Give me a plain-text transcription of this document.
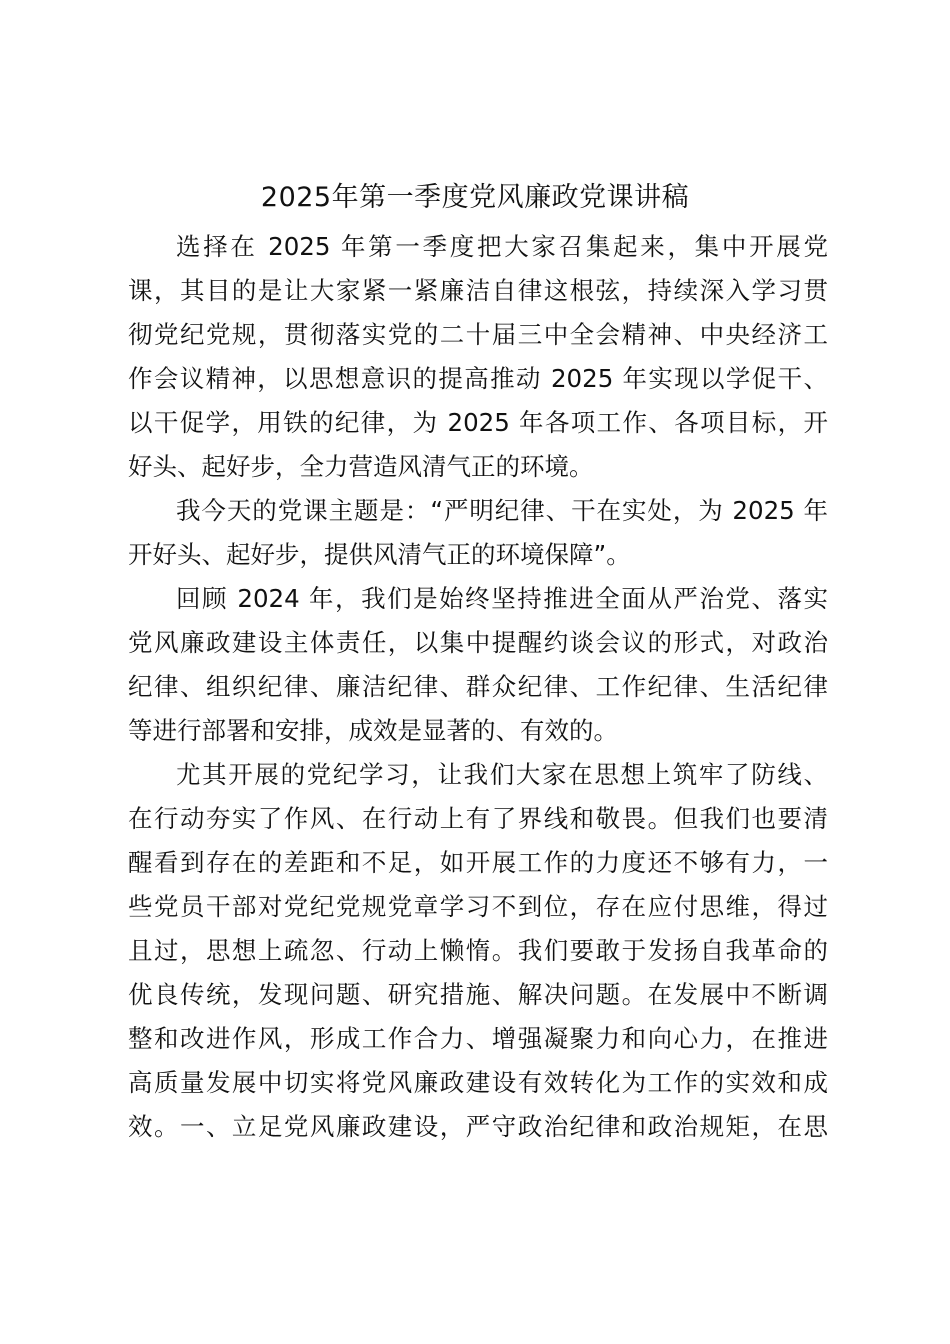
2025年第一季度党风廉政党课讲稿
选择在 2025 年第一季度把大家召集起来，集中开展党
课，其目的是让大家紧一紧廉洁自律这根弦，持续深入学习贯
彻党纪党规，贯彻落实党的二十届三中全会精神、中央经济工
作会议精神，以思想意识的提高推动 2025 年实现以学促干、
以干促学，用铁的纪律，为 2025 年各项工作、各项目标，开
好头、起好步，全力营造风清气正的环境。
我今天的党课主题是：“严明纪律、干在实处，为 2025 年
开好头、起好步，提供风清气正的环境保障”。
回顾 2024 年，我们是始终坚持推进全面从严治党、落实
党风廉政建设主体责任，以集中提醒约谈会议的形式，对政治
纪律、组织纪律、廉洁纪律、群众纪律、工作纪律、生活纪律
等进行部署和安排，成效是显著的、有效的。
尤其开展的党纪学习，让我们大家在思想上筑牢了防线、
在行动夯实了作风、在行动上有了界线和敬畏。但我们也要清
醒看到存在的差距和不足，如开展工作的力度还不够有力，一
些党员干部对党纪党规党章学习不到位，存在应付思维，得过
且过，思想上疏忽、行动上懒惰。我们要敢于发扬自我革命的
优良传统，发现问题、研究措施、解决问题。在发展中不断调
整和改进作风，形成工作合力、增强凝聚力和向心力，在推进
高质量发展中切实将党风廉政建设有效转化为工作的实效和成
效。一、立足党风廉政建设，严守政治纪律和政治规矩，在思
